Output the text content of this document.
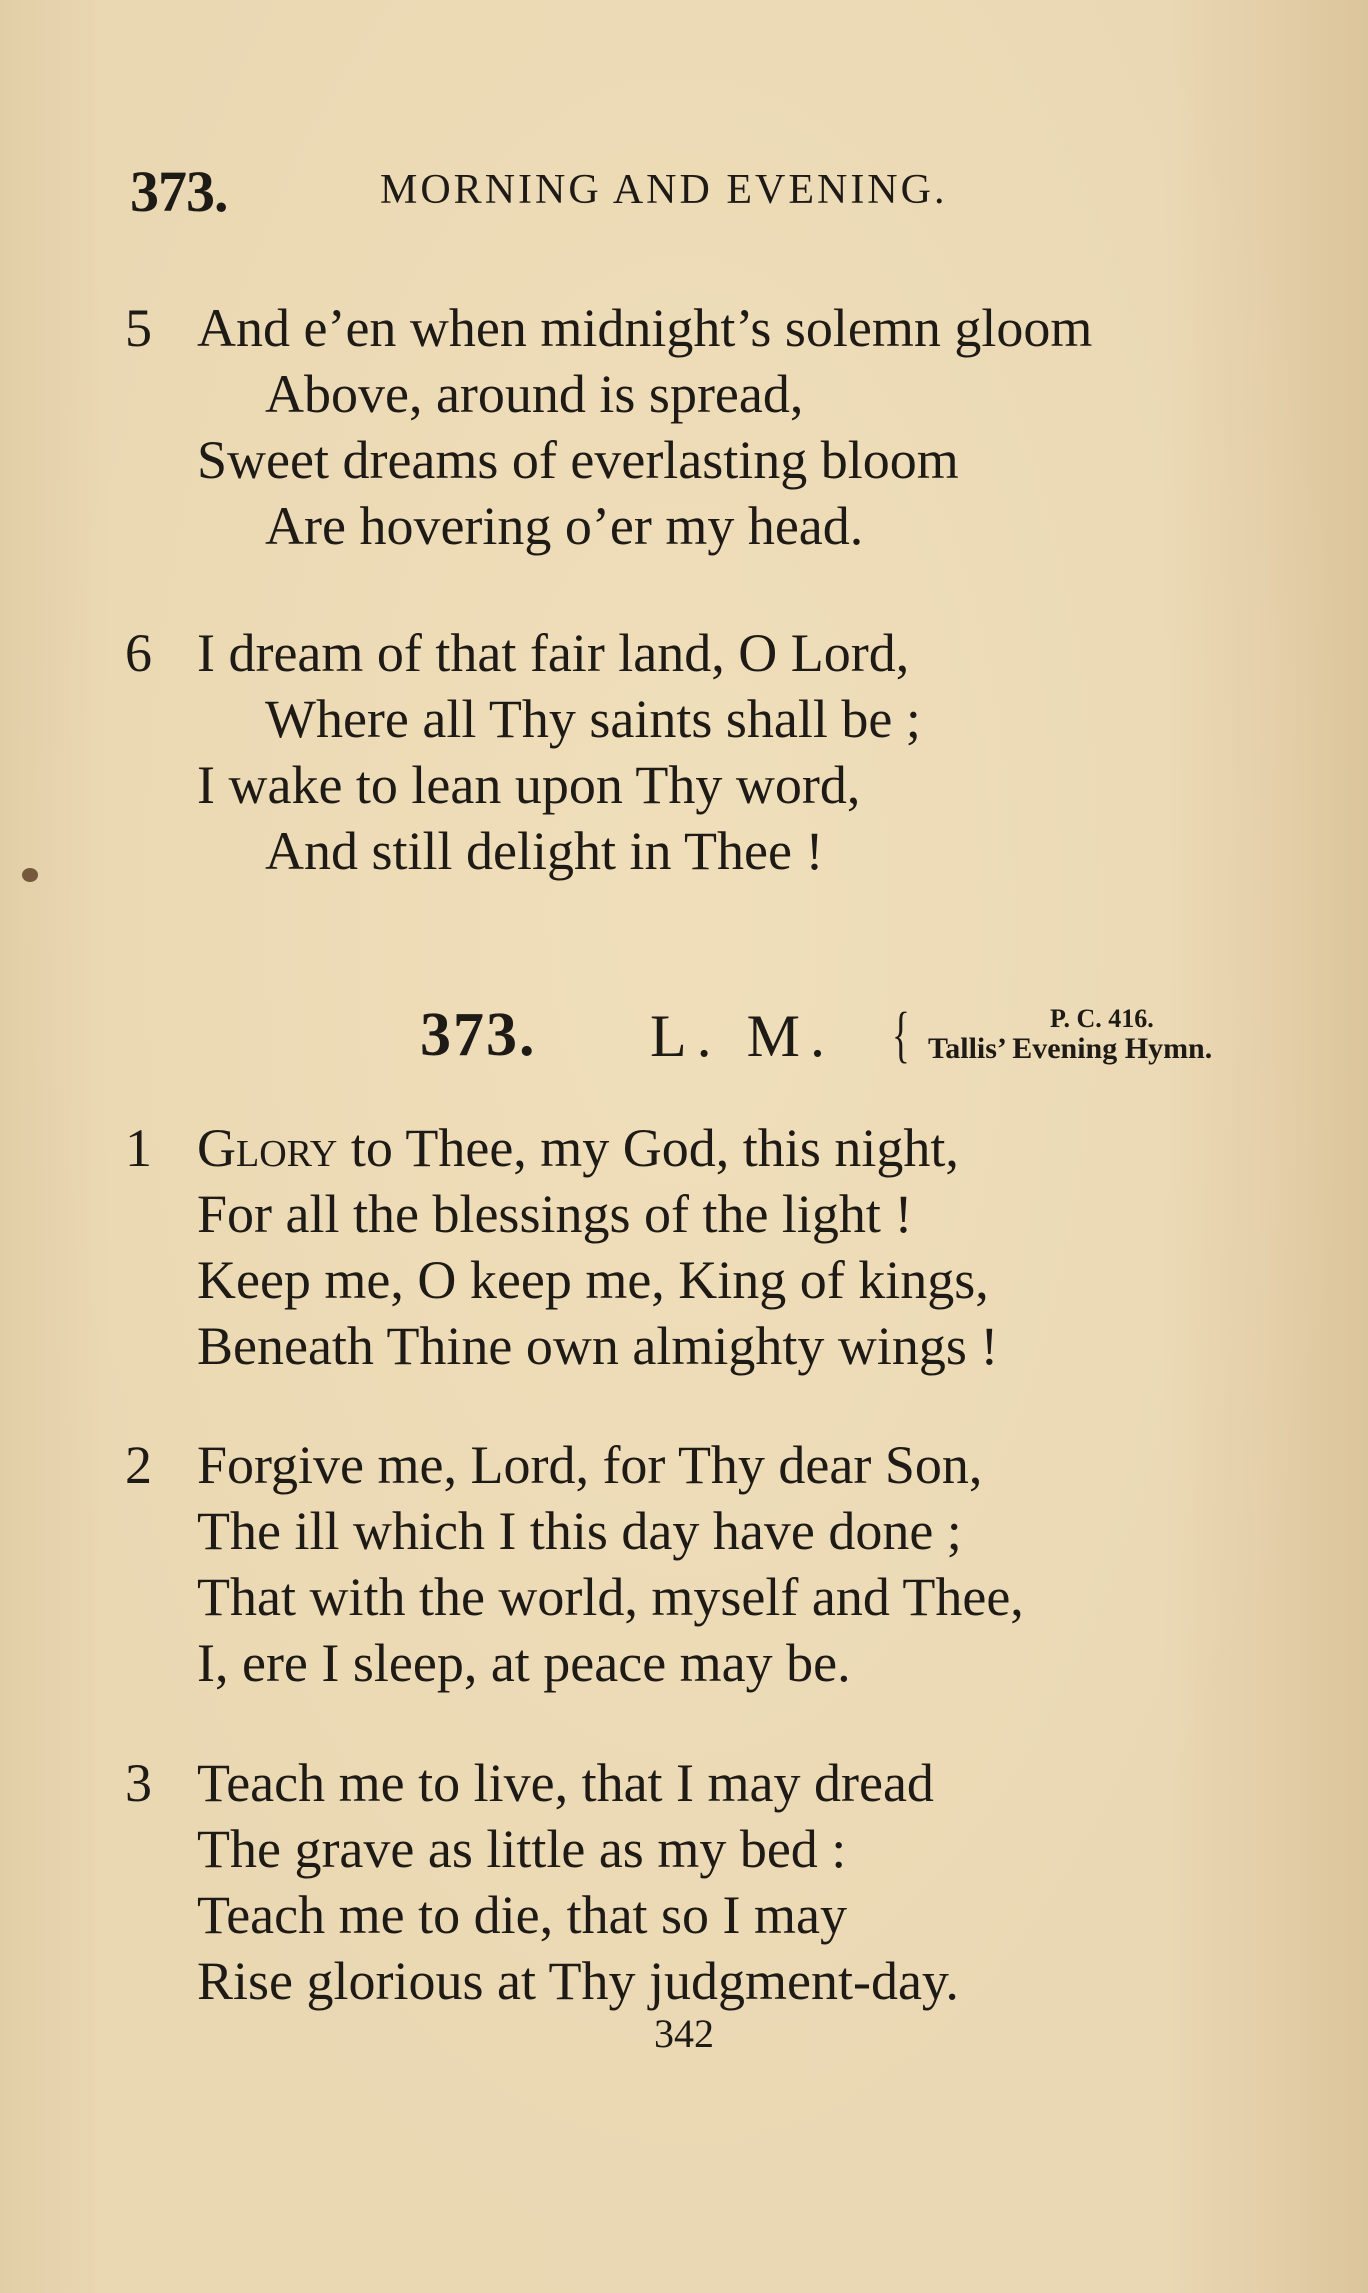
373.	MORNING AND EVENING.
5 And e’en when midnight’s solemn gloom
Above, around is spread,
Sweet dreams of everlasting bloom
Are hovering o’er my head.
6 I dream of that fair land, O Lord,
Where all Thy saints shall be ;
I wake to lean upon Thy word,
And still delight in Thee !
373. L. M. {	P. C. 416.
Tallis’ Evening Hymn.
1 Glory to Thee, my God, this night,
For all the blessings of the light !
Keep me, O keep me, King of kings,
Beneath Thine own almighty wings !
2 Forgive me, Lord, for Thy dear Son,
The ill which I this day have done ;
That with the world, myself and Thee,
I, ere I sleep, at peace may be.
3 Teach me to live, that I may dread
The grave as little as my bed :
Teach me to die, that so I may
Rise glorious at Thy judgment-day.
342
